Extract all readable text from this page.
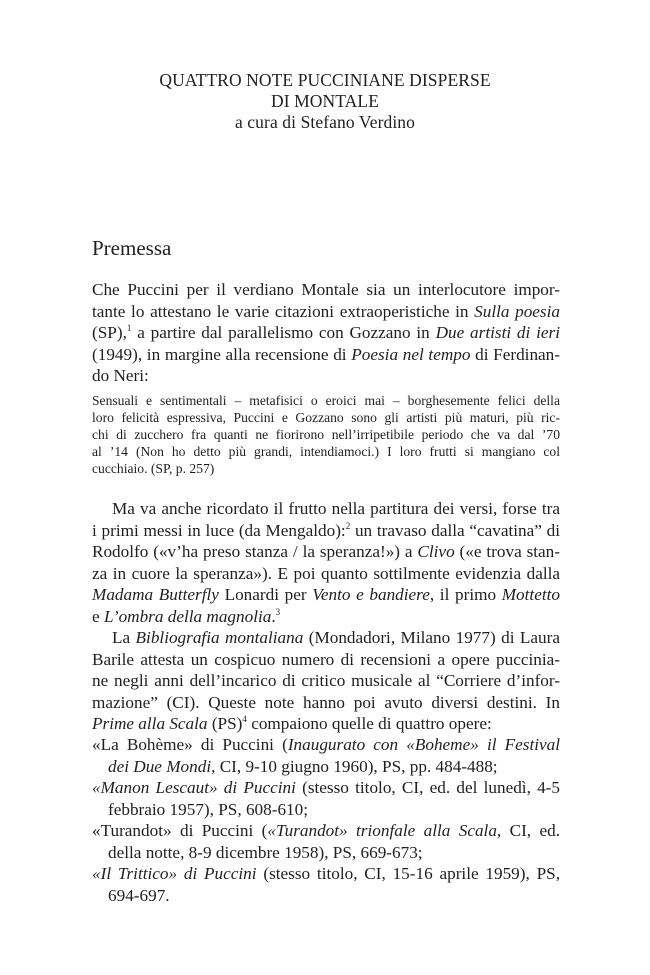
QUATTRO NOTE PUCCINIANE DISPERSE
DI MONTALE
a cura di Stefano Verdino
Premessa
Che Puccini per il verdiano Montale sia un interlocutore impor-
tante lo attestano le varie citazioni extraoperistiche in Sulla poesia
(SP),$^1$ a partire dal parallelismo con Gozzano in Due artisti di ieri
(1949), in margine alla recensione di Poesia nel tempo di Ferdinan-
do Neri:
Sensuali e sentimentali – metafisici o eroici mai – borghesemente felici della
loro felicità espressiva, Puccini e Gozzano sono gli artisti più maturi, più ric-
chi di zucchero fra quanti ne fiorirono nell’irripetibile periodo che va dal ’70
al ’14 (Non ho detto più grandi, intendiamoci.) I loro frutti si mangiano col
cucchiaio. (SP, p. 257)
Ma va anche ricordato il frutto nella partitura dei versi, forse tra
i primi messi in luce (da Mengaldo):$^2$ un travaso dalla “cavatina” di
Rodolfo («v’ha preso stanza / la speranza!») a Clivo («e trova stan-
za in cuore la speranza»). E poi quanto sottilmente evidenzia dalla
Madama Butterfly Lonardi per Vento e bandiere, il primo Mottetto
e L’ombra della magnolia.$^3$
La Bibliografia montaliana (Mondadori, Milano 1977) di Laura
Barile attesta un cospicuo numero di recensioni a opere puccinia-
ne negli anni dell’incarico di critico musicale al “Corriere d’infor-
mazione” (CI). Queste note hanno poi avuto diversi destini. In
Prime alla Scala (PS)$^4$ compaiono quelle di quattro opere:
«La Bohème» di Puccini (Inaugurato con «Boheme» il Festival
dei Due Mondi, CI, 9-10 giugno 1960), PS, pp. 484-488;
«Manon Lescaut» di Puccini (stesso titolo, CI, ed. del lunedì, 4-5
febbraio 1957), PS, 608-610;
«Turandot» di Puccini («Turandot» trionfale alla Scala, CI, ed.
della notte, 8-9 dicembre 1958), PS, 669-673;
«Il Trittico» di Puccini (stesso titolo, CI, 15-16 aprile 1959), PS,
694-697.
